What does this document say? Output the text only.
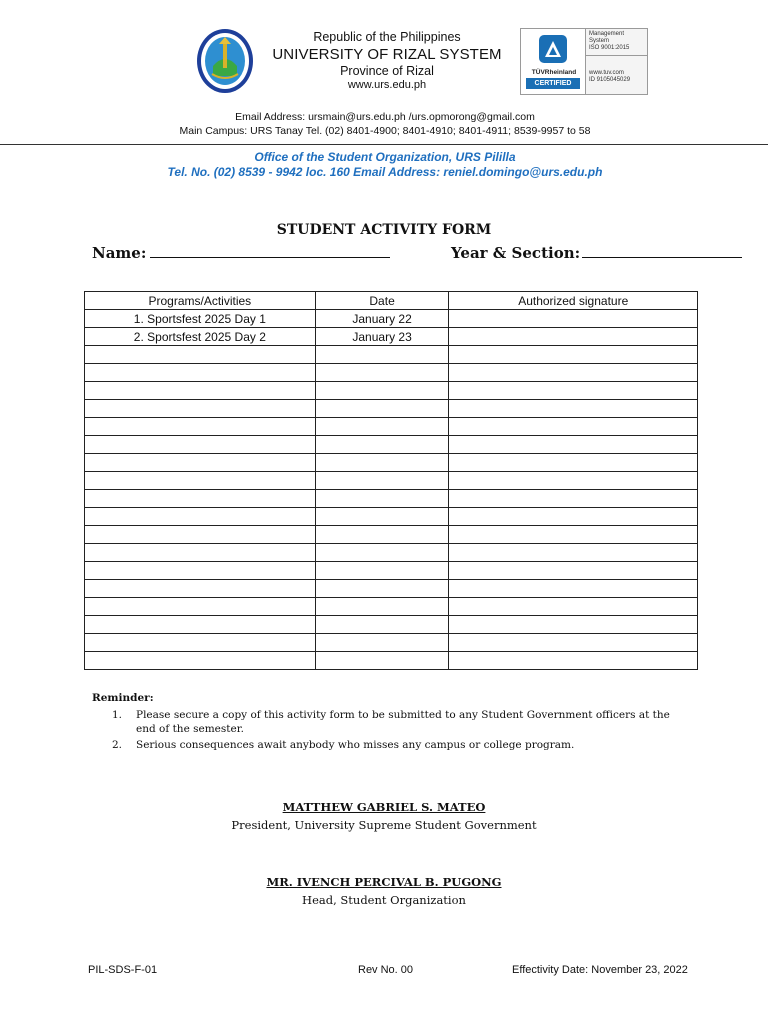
Republic of the Philippines
UNIVERSITY OF RIZAL SYSTEM
Province of Rizal
www.urs.edu.ph
TÜVRheinland
CERTIFIED
Management
System
ISO 9001:2015
www.tuv.com
ID 9105045029
Email Address: ursmain@urs.edu.ph /urs.opmorong@gmail.com
Main Campus: URS Tanay Tel. (02) 8401-4900; 8401-4910; 8401-4911; 8539-9957 to 58
Office of the Student Organization, URS Pililla
Tel. No. (02) 8539 - 9942 loc. 160 Email Address: reniel.domingo@urs.edu.ph
STUDENT ACTIVITY FORM
Name:	Year & Section:
Programs/Activities	Date	Authorized signature
1. Sportsfest 2025 Day 1	January 22	
2. Sportsfest 2025 Day 2	January 23	

Reminder:
1. Please secure a copy of this activity form to be submitted to any Student Government officers at the end of the semester.
2. Serious consequences await anybody who misses any campus or college program.
MATTHEW GABRIEL S. MATEO
President, University Supreme Student Government
MR. IVENCH PERCIVAL B. PUGONG
Head, Student Organization
PIL-SDS-F-01	Rev No. 00	Effectivity Date: November 23, 2022
